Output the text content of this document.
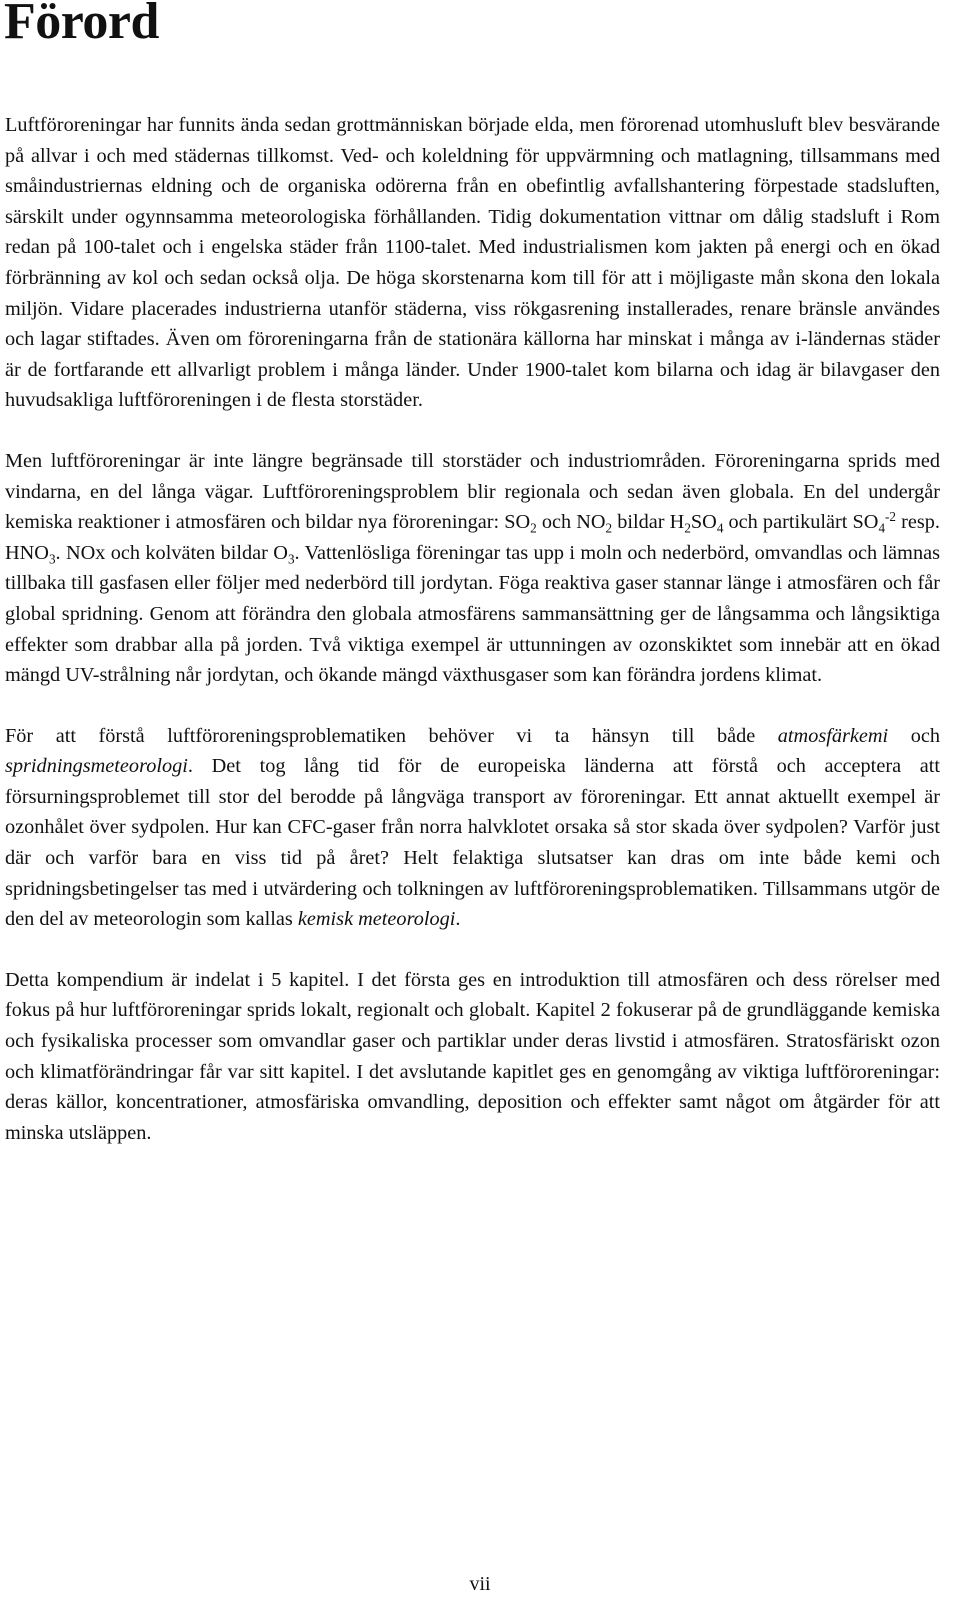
Förord

Luftföroreningar har funnits ända sedan grottmänniskan började elda, men förorenad utomhusluft blev besvärande på allvar i och med städernas tillkomst. Ved- och koleldning för uppvärmning och matlagning, tillsammans med småindustriernas eldning och de organiska odörerna från en obefintlig avfallshantering förpestade stadsluften, särskilt under ogynnsamma meteorologiska förhållanden. Tidig dokumentation vittnar om dålig stadsluft i Rom redan på 100-talet och i engelska städer från 1100-talet. Med industrialismen kom jakten på energi och en ökad förbränning av kol och sedan också olja. De höga skorstenarna kom till för att i möjligaste mån skona den lokala miljön. Vidare placerades industrierna utanför städerna, viss rökgasrening installerades, renare bränsle användes och lagar stiftades. Även om föroreningarna från de stationära källorna har minskat i många av i-ländernas städer är de fortfarande ett allvarligt problem i många länder. Under 1900-talet kom bilarna och idag är bilavgaser den huvudsakliga luftföroreningen i de flesta storstäder.

Men luftföroreningar är inte längre begränsade till storstäder och industriområden. Föroreningarna sprids med vindarna, en del långa vägar. Luftföroreningsproblem blir regionala och sedan även globala. En del undergår kemiska reaktioner i atmosfären och bildar nya föroreningar: $SO_2$ och $NO_2$ bildar $H_2SO_4$ och partikulärt $SO_4^{-2}$ resp. $HNO_3$. NOx och kolväten bildar $O_3$. Vattenlösliga föreningar tas upp i moln och nederbörd, omvandlas och lämnas tillbaka till gasfasen eller följer med nederbörd till jordytan. Föga reaktiva gaser stannar länge i atmosfären och får global spridning. Genom att förändra den globala atmosfärens sammansättning ger de långsamma och långsiktiga effekter som drabbar alla på jorden. Två viktiga exempel är uttunningen av ozonskiktet som innebär att en ökad mängd UV-strålning når jordytan, och ökande mängd växthusgaser som kan förändra jordens klimat.

För att förstå luftföroreningsproblematiken behöver vi ta hänsyn till både atmosfärkemi och spridningsmeteorologi. Det tog lång tid för de europeiska länderna att förstå och acceptera att försurningsproblemet till stor del berodde på långväga transport av föroreningar. Ett annat aktuellt exempel är ozonhålet över sydpolen. Hur kan CFC-gaser från norra halvklotet orsaka så stor skada över sydpolen? Varför just där och varför bara en viss tid på året? Helt felaktiga slutsatser kan dras om inte både kemi och spridningsbetingelser tas med i utvärdering och tolkningen av luftföroreningsproblematiken. Tillsammans utgör de den del av meteorologin som kallas kemisk meteorologi.

Detta kompendium är indelat i 5 kapitel. I det första ges en introduktion till atmosfären och dess rörelser med fokus på hur luftföroreningar sprids lokalt, regionalt och globalt. Kapitel 2 fokuserar på de grundläggande kemiska och fysikaliska processer som omvandlar gaser och partiklar under deras livstid i atmosfären. Stratosfäriskt ozon och klimatförändringar får var sitt kapitel. I det avslutande kapitlet ges en genomgång av viktiga luftföroreningar: deras källor, koncentrationer, atmosfäriska omvandling, deposition och effekter samt något om åtgärder för att minska utsläppen.

vii
